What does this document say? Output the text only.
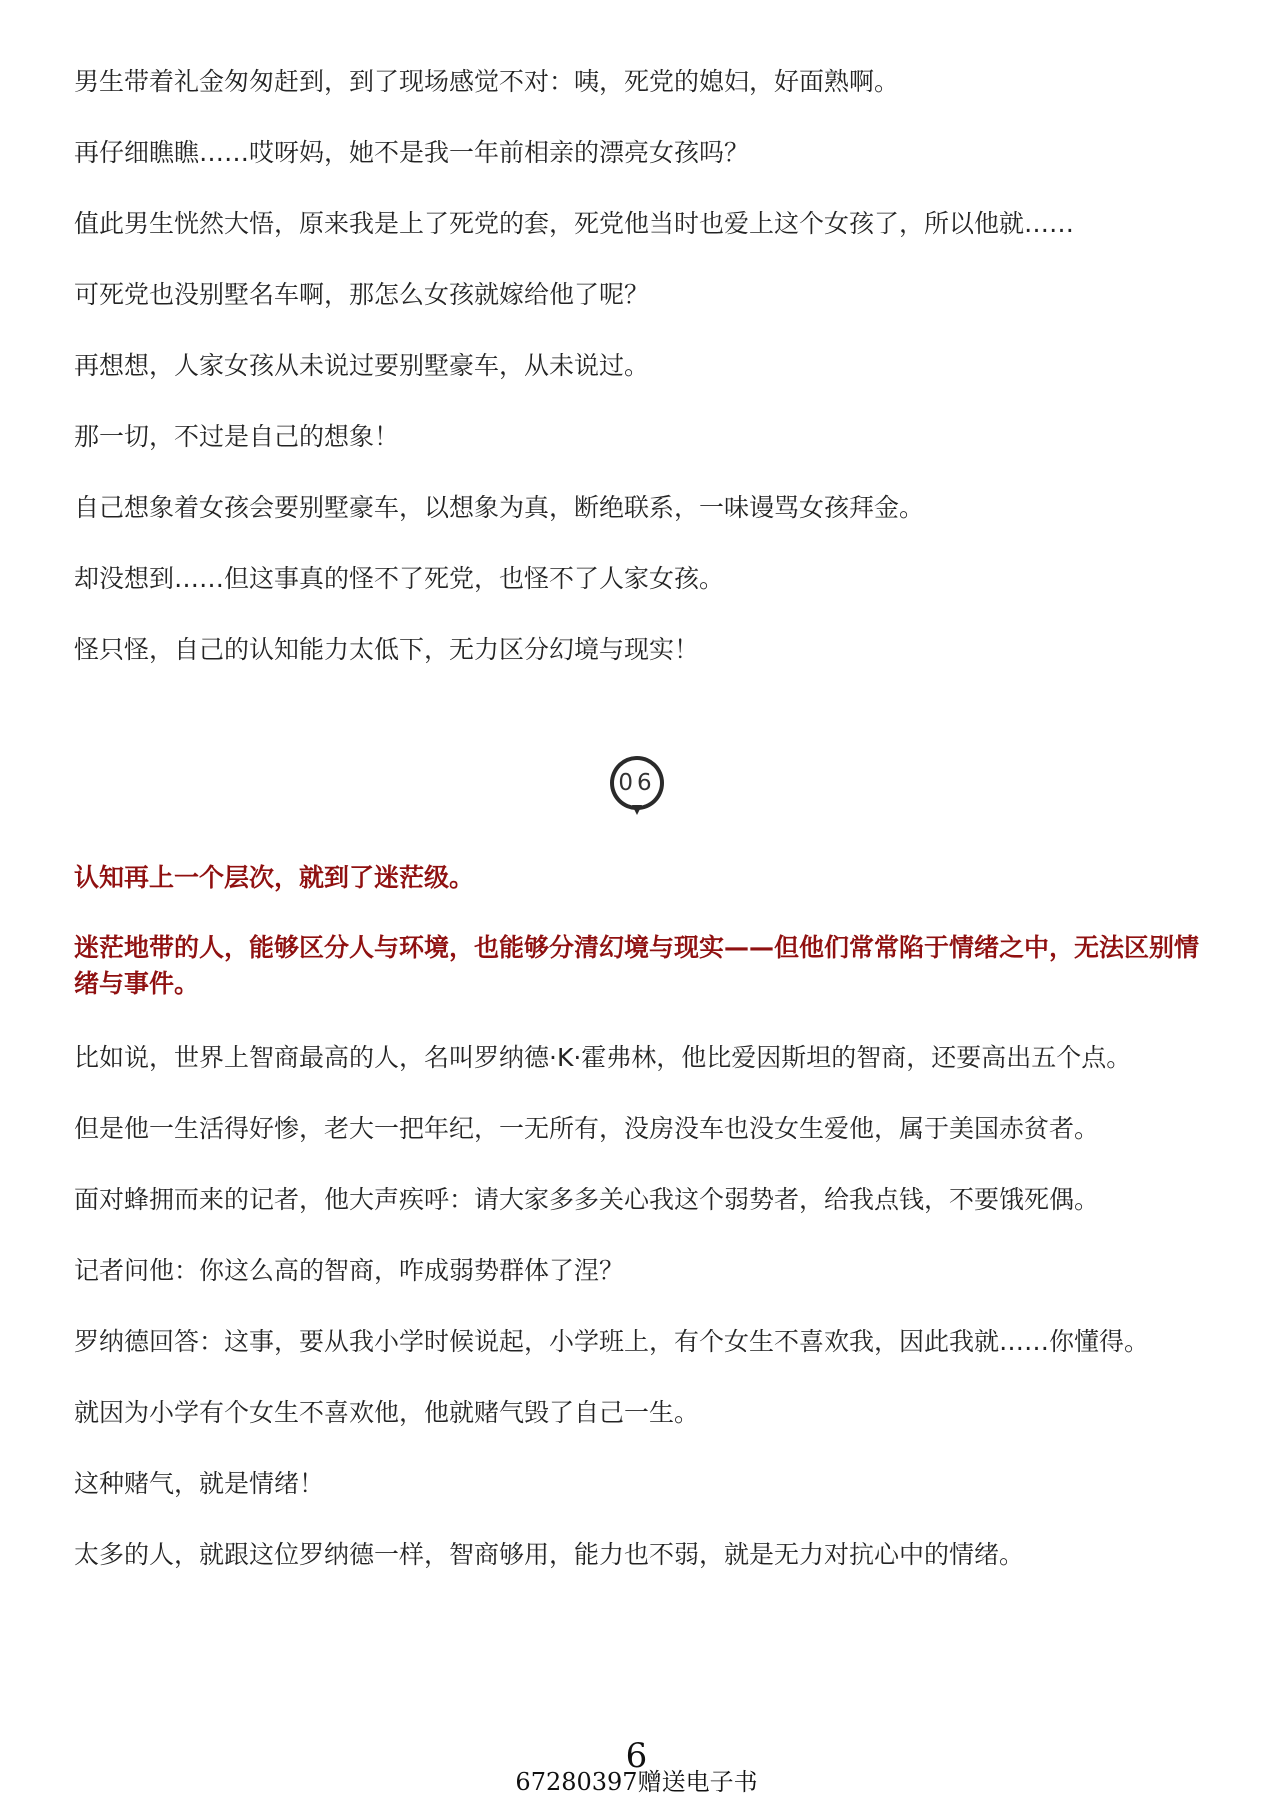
男生带着礼金匆匆赶到，到了现场感觉不对：咦，死党的媳妇，好面熟啊。

再仔细瞧瞧……哎呀妈，她不是我一年前相亲的漂亮女孩吗？

值此男生恍然大悟，原来我是上了死党的套，死党他当时也爱上这个女孩了，所以他就……

可死党也没别墅名车啊，那怎么女孩就嫁给他了呢？

再想想，人家女孩从未说过要别墅豪车，从未说过。

那一切，不过是自己的想象！

自己想象着女孩会要别墅豪车，以想象为真，断绝联系，一味谩骂女孩拜金。

却没想到……但这事真的怪不了死党，也怪不了人家女孩。

怪只怪，自己的认知能力太低下，无力区分幻境与现实！

06

认知再上一个层次，就到了迷茫级。

迷茫地带的人，能够区分人与环境，也能够分清幻境与现实——但他们常常陷于情绪之中，无法区别情绪与事件。

比如说，世界上智商最高的人，名叫罗纳德·K·霍弗林，他比爱因斯坦的智商，还要高出五个点。

但是他一生活得好惨，老大一把年纪，一无所有，没房没车也没女生爱他，属于美国赤贫者。

面对蜂拥而来的记者，他大声疾呼：请大家多多关心我这个弱势者，给我点钱，不要饿死偶。

记者问他：你这么高的智商，咋成弱势群体了涅？

罗纳德回答：这事，要从我小学时候说起，小学班上，有个女生不喜欢我，因此我就……你懂得。

就因为小学有个女生不喜欢他，他就赌气毁了自己一生。

这种赌气，就是情绪！

太多的人，就跟这位罗纳德一样，智商够用，能力也不弱，就是无力对抗心中的情绪。

6
67280397赠送电子书
